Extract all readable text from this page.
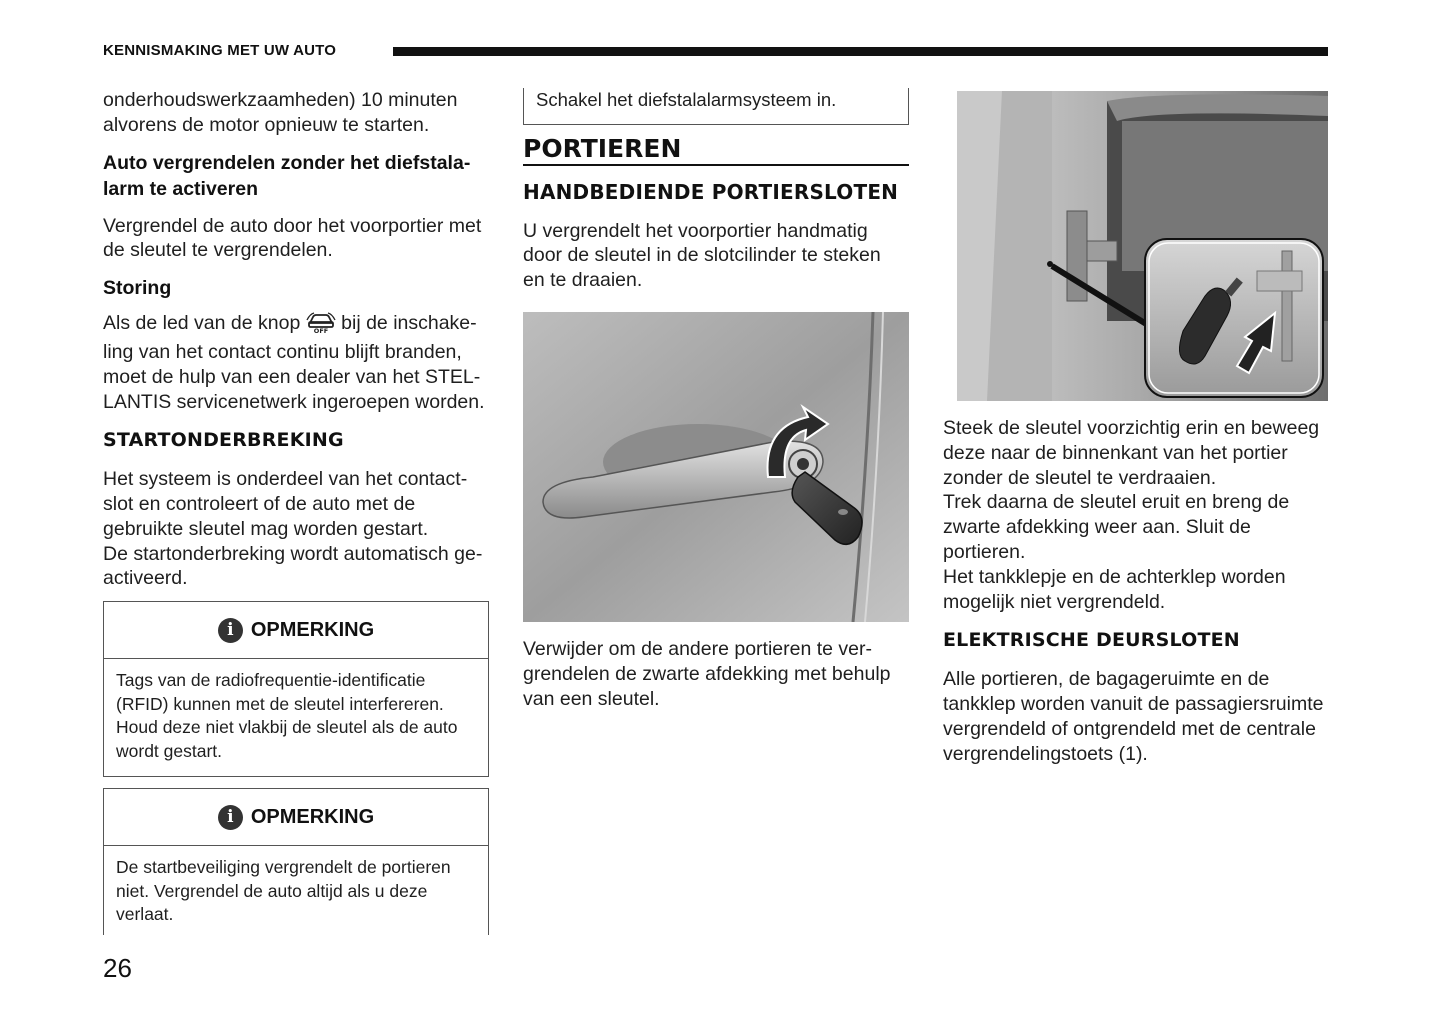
KENNISMAKING MET UW AUTO

onderhoudswerkzaamheden) 10 minuten alvorens de motor opnieuw te starten.

Auto vergrendelen zonder het diefstala- larm te activeren

Vergrendel de auto door het voorportier met de sleutel te vergrendelen.

Storing

Als de led van de knop OFF bij de inschake- ling van het contact continu blijft branden, moet de hulp van een dealer van het STEL- LANTIS servicenetwerk ingeroepen worden.

STARTONDERBREKING

Het systeem is onderdeel van het contact- slot en controleert of de auto met de gebruikte sleutel mag worden gestart.

De startonderbreking wordt automatisch ge- activeerd.

i OPMERKING
Tags van de radiofrequentie-identificatie (RFID) kunnen met de sleutel interfereren. Houd deze niet vlakbij de sleutel als de auto wordt gestart.
i OPMERKING
De startbeveiliging vergrendelt de portieren niet. Vergrendel de auto altijd als u deze verlaat.

Schakel het diefstalalarmsysteem in.

PORTIEREN

HANDBEDIENDE PORTIERSLOTEN

U vergrendelt het voorportier handmatig door de sleutel in de slotcilinder te steken en te draaien.

Verwijder om de andere portieren te ver- grendelen de zwarte afdekking met behulp van een sleutel.

Steek de sleutel voorzichtig erin en beweeg deze naar de binnenkant van het portier zonder de sleutel te verdraaien.

Trek daarna de sleutel eruit en breng de zwarte afdekking weer aan. Sluit de portieren.

Het tankklepje en de achterklep worden mogelijk niet vergrendeld.

ELEKTRISCHE DEURSLOTEN

Alle portieren, de bagageruimte en de tankklep worden vanuit de passagiersruimte vergrendeld of ontgrendeld met de centrale vergrendelingstoets (1).

26
